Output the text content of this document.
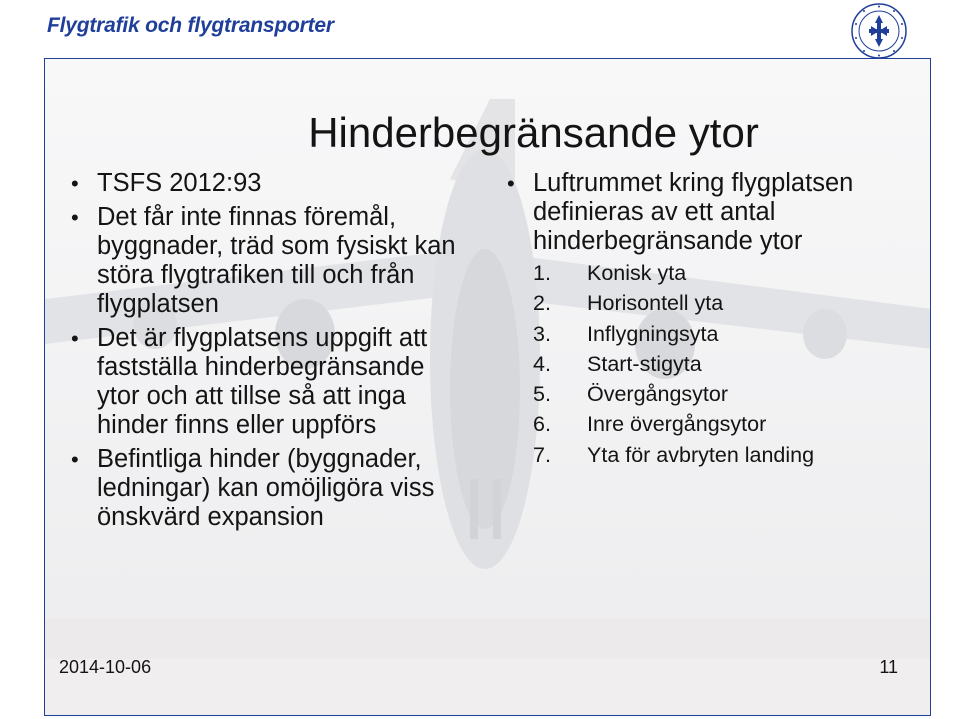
Flygtrafik och flygtransporter
Hinderbegränsande ytor
• TSFS 2012:93
• Det får inte finnas föremål, byggnader, träd som fysiskt kan störa flygtrafiken till och från flygplatsen
• Det är flygplatsens uppgift att fastställa hinderbegränsande ytor och att tillse så att inga hinder finns eller uppförs
• Befintliga hinder (byggnader, ledningar) kan omöjligöra viss önskvärd expansion
• Luftrummet kring flygplatsen definieras av ett antal hinderbegränsande ytor
1.	Konisk yta
2.	Horisontell yta
3.	Inflygningsyta
4.	Start-stigyta
5.	Övergångsytor
6.	Inre övergångsytor
7.	Yta för avbryten landing
2014-10-06	11
